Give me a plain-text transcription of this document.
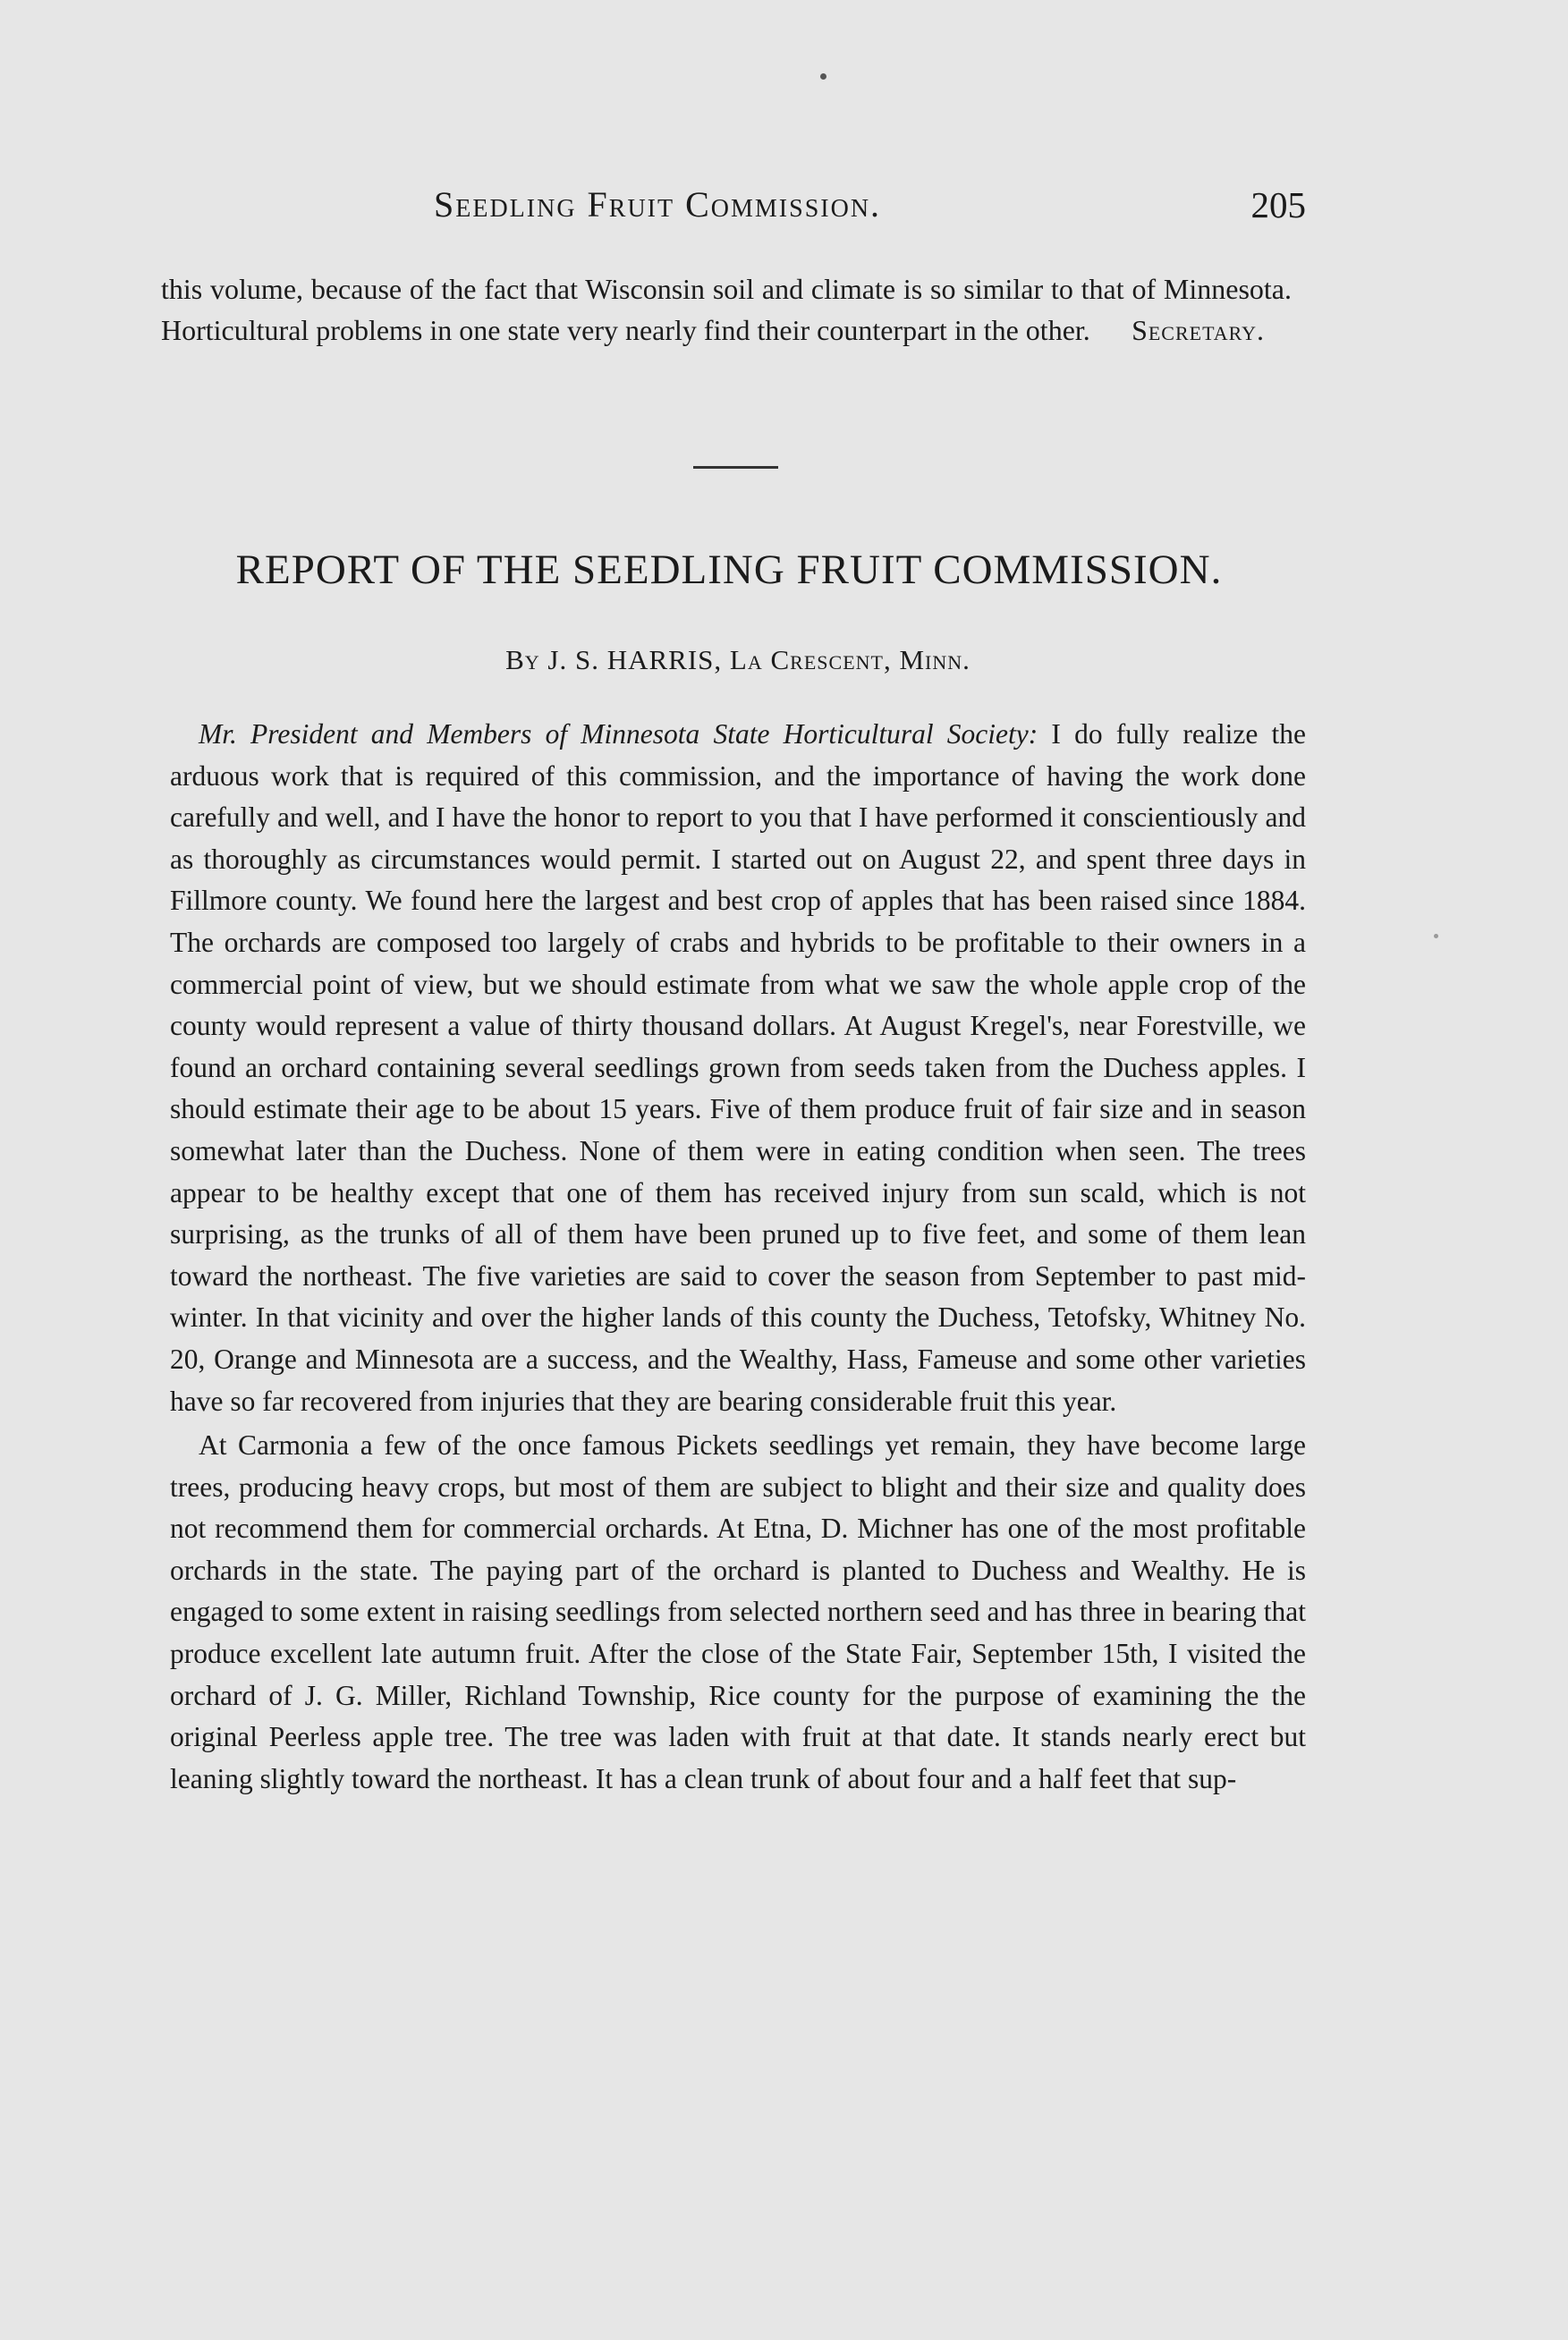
Seedling Fruit Commission.	205
this volume, because of the fact that Wisconsin soil and climate is so similar to that of Minnesota. Horticultural problems in one state very nearly find their counterpart in the other.	Secretary.
REPORT OF THE SEEDLING FRUIT COMMISSION.
By J. S. HARRIS, La Crescent, Minn.

Mr. President and Members of Minnesota State Horticultural Society: I do fully realize the arduous work that is required of this commission, and the importance of having the work done carefully and well, and I have the honor to report to you that I have performed it conscientiously and as thoroughly as circumstances would permit. I started out on August 22, and spent three days in Fillmore county. We found here the largest and best crop of apples that has been raised since 1884. The orchards are composed too largely of crabs and hybrids to be profitable to their owners in a commercial point of view, but we should estimate from what we saw the whole apple crop of the county would represent a value of thirty thousand dollars. At August Kregel's, near Forestville, we found an orchard containing several seedlings grown from seeds taken from the Duchess apples. I should estimate their age to be about 15 years. Five of them produce fruit of fair size and in season somewhat later than the Duchess. None of them were in eating condition when seen. The trees appear to be healthy except that one of them has received injury from sun scald, which is not surprising, as the trunks of all of them have been pruned up to five feet, and some of them lean toward the northeast. The five varieties are said to cover the season from September to past mid-winter. In that vicinity and over the higher lands of this county the Duchess, Tetofsky, Whitney No. 20, Orange and Minnesota are a success, and the Wealthy, Hass, Fameuse and some other varieties have so far recovered from injuries that they are bearing considerable fruit this year.

At Carmonia a few of the once famous Pickets seedlings yet remain, they have become large trees, producing heavy crops, but most of them are subject to blight and their size and quality does not recommend them for commercial orchards. At Etna, D. Michner has one of the most profitable orchards in the state. The paying part of the orchard is planted to Duchess and Wealthy. He is engaged to some extent in raising seedlings from selected northern seed and has three in bearing that produce excellent late autumn fruit. After the close of the State Fair, September 15th, I visited the orchard of J. G. Miller, Richland Township, Rice county for the purpose of examining the the original Peerless apple tree. The tree was laden with fruit at that date. It stands nearly erect but leaning slightly toward the northeast. It has a clean trunk of about four and a half feet that sup-
